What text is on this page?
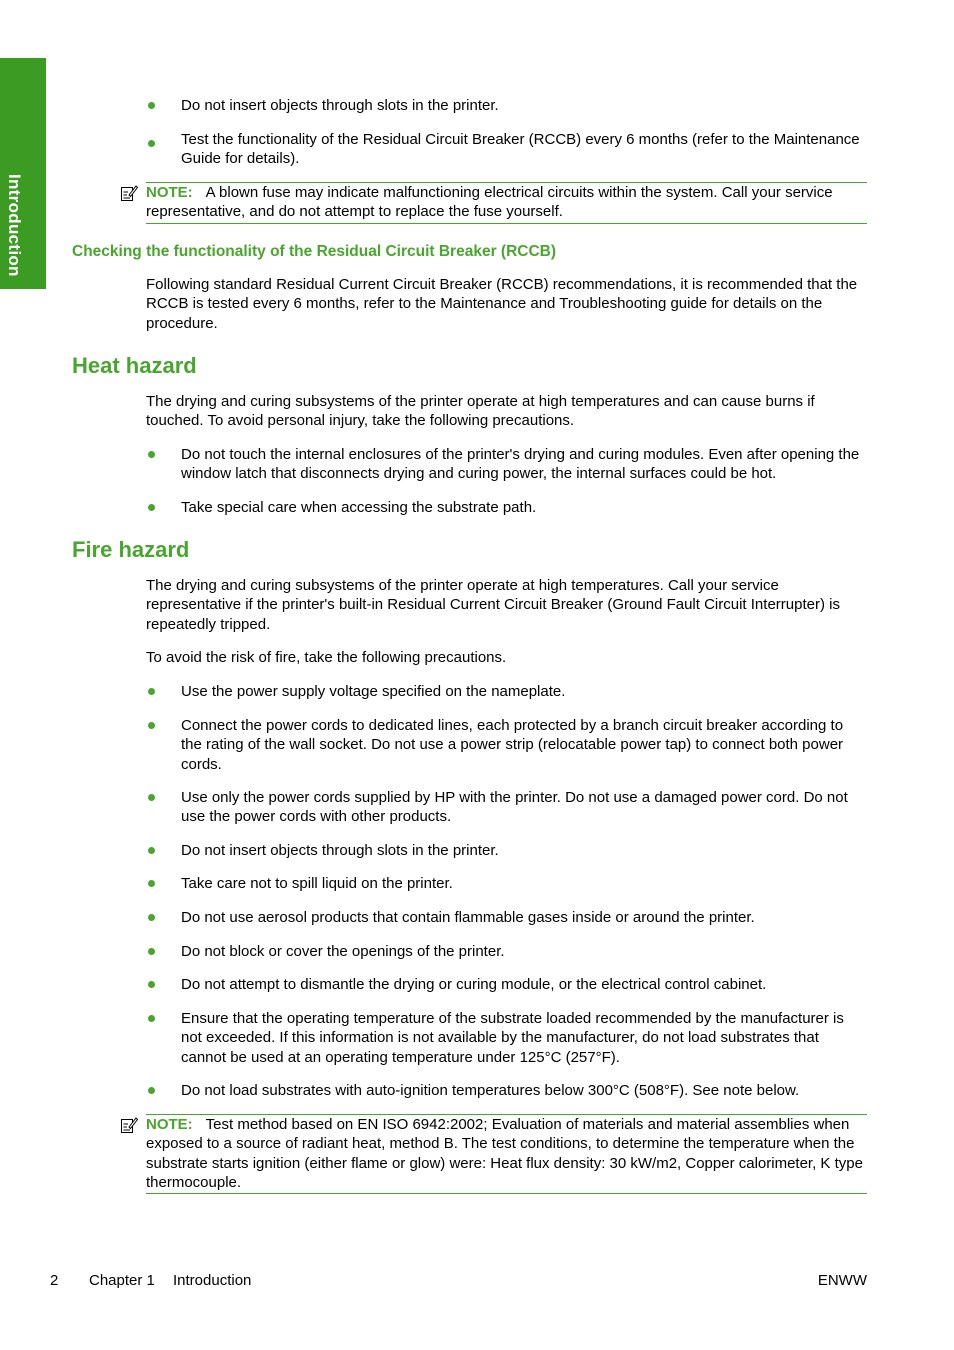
Introduction

Do not insert objects through slots in the printer.

Test the functionality of the Residual Circuit Breaker (RCCB) every 6 months (refer to the Maintenance Guide for details).

NOTE: A blown fuse may indicate malfunctioning electrical circuits within the system. Call your service representative, and do not attempt to replace the fuse yourself.
Checking the functionality of the Residual Circuit Breaker (RCCB)

Following standard Residual Current Circuit Breaker (RCCB) recommendations, it is recommended that the RCCB is tested every 6 months, refer to the Maintenance and Troubleshooting guide for details on the procedure.

Heat hazard

The drying and curing subsystems of the printer operate at high temperatures and can cause burns if touched. To avoid personal injury, take the following precautions.

Do not touch the internal enclosures of the printer's drying and curing modules. Even after opening the window latch that disconnects drying and curing power, the internal surfaces could be hot.

Take special care when accessing the substrate path.

Fire hazard

The drying and curing subsystems of the printer operate at high temperatures. Call your service representative if the printer's built-in Residual Current Circuit Breaker (Ground Fault Circuit Interrupter) is repeatedly tripped.

To avoid the risk of fire, take the following precautions.

Use the power supply voltage specified on the nameplate.

Connect the power cords to dedicated lines, each protected by a branch circuit breaker according to the rating of the wall socket. Do not use a power strip (relocatable power tap) to connect both power cords.

Use only the power cords supplied by HP with the printer. Do not use a damaged power cord. Do not use the power cords with other products.

Do not insert objects through slots in the printer.

Take care not to spill liquid on the printer.

Do not use aerosol products that contain flammable gases inside or around the printer.

Do not block or cover the openings of the printer.

Do not attempt to dismantle the drying or curing module, or the electrical control cabinet.

Ensure that the operating temperature of the substrate loaded recommended by the manufacturer is not exceeded. If this information is not available by the manufacturer, do not load substrates that cannot be used at an operating temperature under 125°C (257°F).

Do not load substrates with auto-ignition temperatures below 300°C (508°F). See note below.

NOTE: Test method based on EN ISO 6942:2002; Evaluation of materials and material assemblies when exposed to a source of radiant heat, method B. The test conditions, to determine the temperature when the substrate starts ignition (either flame or glow) were: Heat flux density: 30 kW/m2, Copper calorimeter, K type thermocouple.
2 Chapter 1 Introduction	ENWW
